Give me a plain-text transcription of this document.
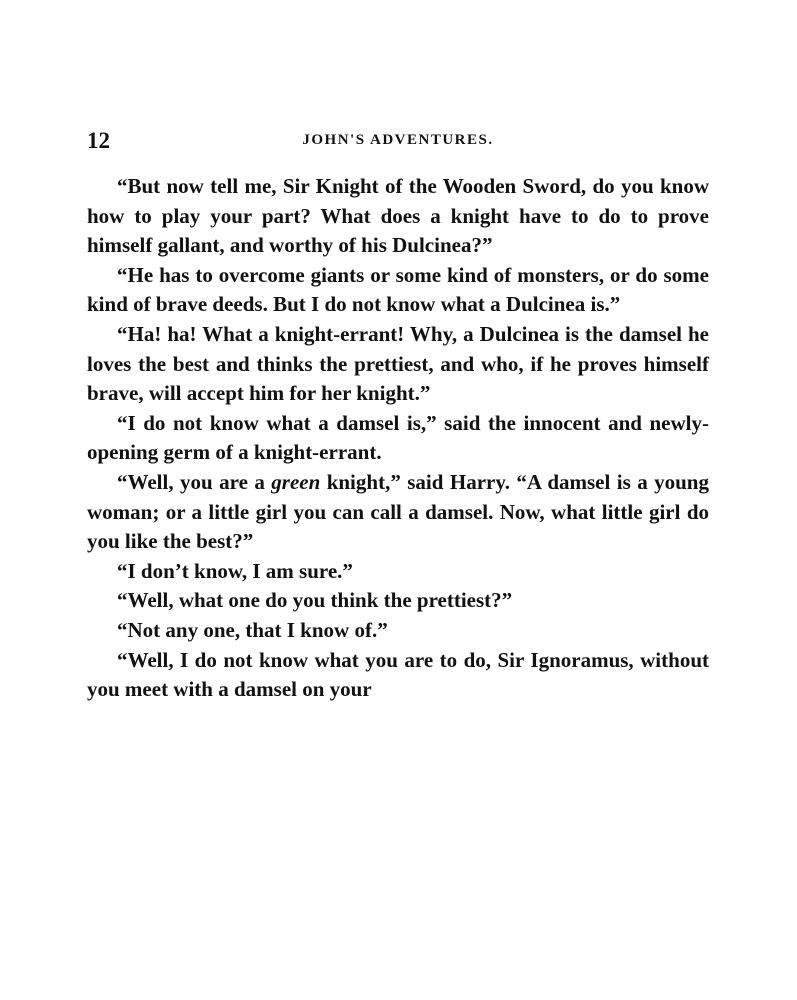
12	JOHN'S ADVENTURES.

“But now tell me, Sir Knight of the Wooden Sword, do you know how to play your part? What does a knight have to do to prove himself gallant, and worthy of his Dulcinea?”

“He has to overcome giants or some kind of monsters, or do some kind of brave deeds. But I do not know what a Dulcinea is.”

“Ha! ha! What a knight-errant! Why, a Dulcinea is the damsel he loves the best and thinks the prettiest, and who, if he proves himself brave, will accept him for her knight.”

“I do not know what a damsel is,” said the innocent and newly-opening germ of a knight-errant.

“Well, you are a green knight,” said Harry. “A damsel is a young woman; or a little girl you can call a damsel. Now, what little girl do you like the best?”

“I don’t know, I am sure.”

“Well, what one do you think the prettiest?”

“Not any one, that I know of.”

“Well, I do not know what you are to do, Sir Ignoramus, without you meet with a damsel on your
